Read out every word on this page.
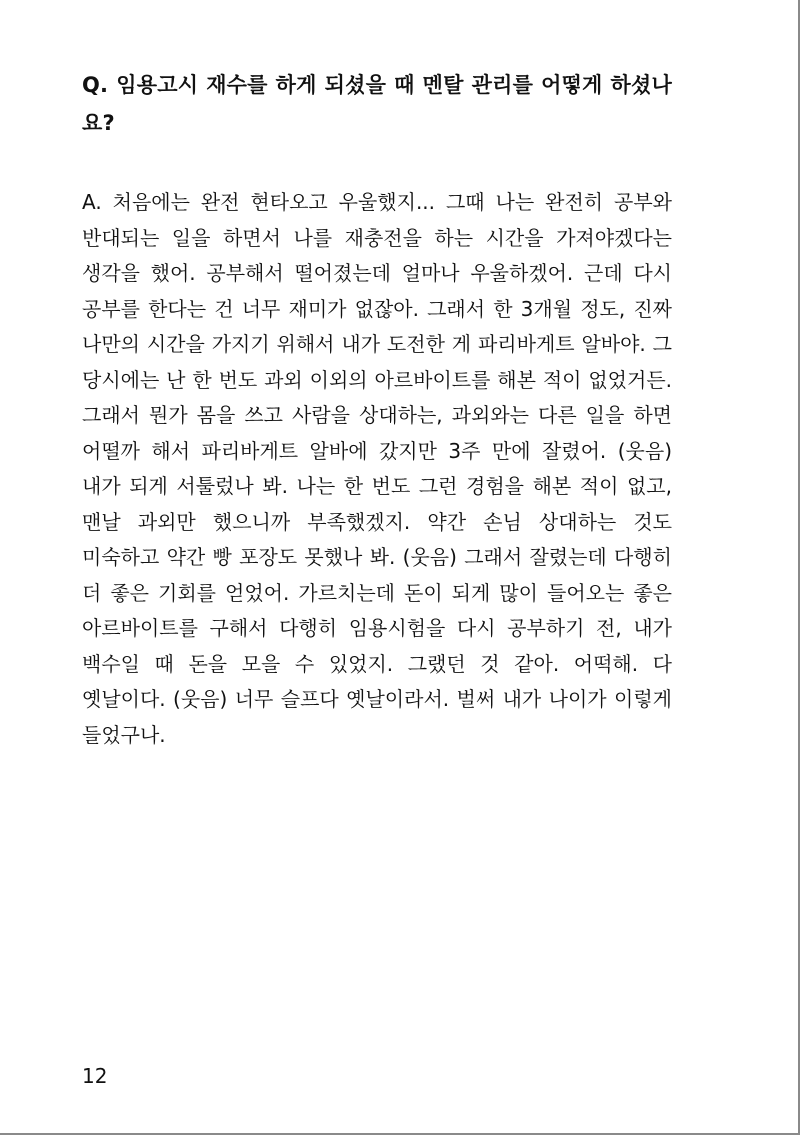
Q. 임용고시 재수를 하게 되셨을 때 멘탈 관리를 어떻게 하셨나요?

A. 처음에는 완전 현타오고 우울했지... 그때 나는 완전히 공부와 반대되는 일을 하면서 나를 재충전을 하는 시간을 가져야겠다는 생각을 했어. 공부해서 떨어졌는데 얼마나 우울하겠어. 근데 다시 공부를 한다는 건 너무 재미가 없잖아. 그래서 한 3개월 정도, 진짜 나만의 시간을 가지기 위해서 내가 도전한 게 파리바게트 알바야. 그 당시에는 난 한 번도 과외 이외의 아르바이트를 해본 적이 없었거든. 그래서 뭔가 몸을 쓰고 사람을 상대하는, 과외와는 다른 일을 하면 어떨까 해서 파리바게트 알바에 갔지만 3주 만에 잘렸어. (웃음) 내가 되게 서툴렀나 봐. 나는 한 번도 그런 경험을 해본 적이 없고, 맨날 과외만 했으니까 부족했겠지. 약간 손님 상대하는 것도 미숙하고 약간 빵 포장도 못했나 봐. (웃음) 그래서 잘렸는데 다행히 더 좋은 기회를 얻었어. 가르치는데 돈이 되게 많이 들어오는 좋은 아르바이트를 구해서 다행히 임용시험을 다시 공부하기 전, 내가 백수일 때 돈을 모을 수 있었지. 그랬던 것 같아. 어떡해. 다 옛날이다. (웃음) 너무 슬프다 옛날이라서. 벌써 내가 나이가 이렇게 들었구나.

12
